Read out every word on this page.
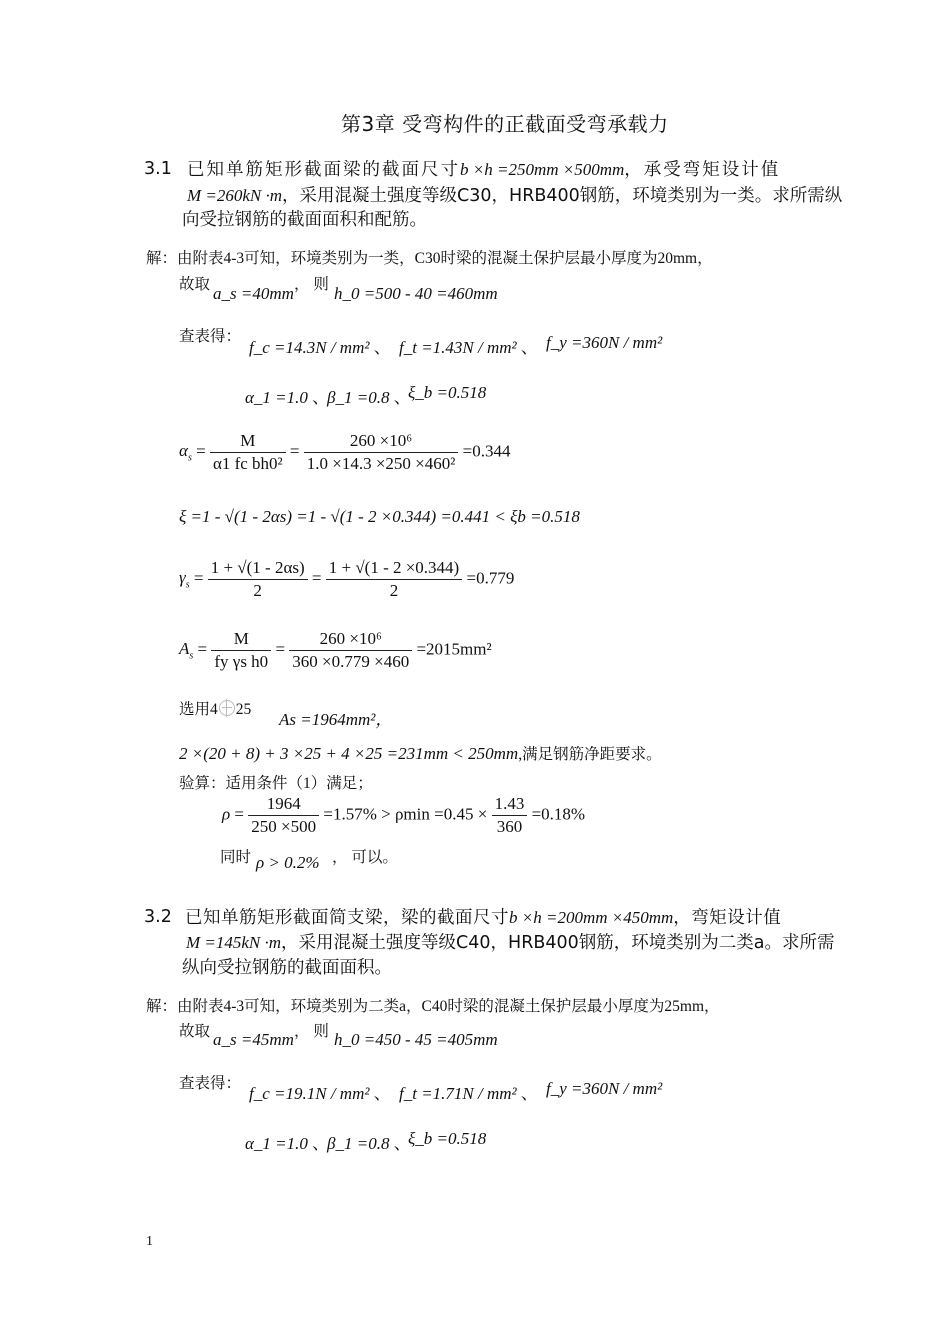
第3章 受弯构件的正截面受弯承载力
3.1 已知单筋矩形截面梁的截面尺寸b ×h =250mm ×500mm，承受弯矩设计值
M =260kN ·m，采用混凝土强度等级C30，HRB400钢筋，环境类别为一类。求所需纵
向受拉钢筋的截面面积和配筋。
解：由附表4-3可知，环境类别为一类，C30时梁的混凝土保护层最小厚度为20mm，
故取 a_s =40mm ， 则 h_0 =500 - 40 =460mm
查表得：
f_c =14.3N / mm² 、 f_t =1.43N / mm² 、 f_y =360N / mm²
α_1 =1.0 、
β_1 =0.8 、
ξ_b =0.518
$\alpha_s = \frac{M}{\text{α1 fc bh0²}} = \frac{\text{260 ×10⁶}}{\text{1.0 ×14.3 ×250 ×460²}} =0.344$
ξ =1 - √(1 - 2αs) =1 - √(1 - 2 ×0.344) =0.441 < ξb =0.518
$\gamma_s = \frac{1 + √(1 - 2\alpha s)}{2} = \frac{1 + √(1 - 2 \times 0.344)}{2} =0.779$
$A_s = \frac{M}{\text{fy γs h0}} = \frac{\text{260 ×10⁶}}{360 \times 0.779 \times 460} =2015mm^2$
选用4 25
As =1964mm²，
2 ×(20 + 8) + 3 ×25 + 4 ×25 =231mm < 250mm,满足钢筋净距要求。
验算：适用条件（1）满足；
$\rho = \frac{1964}{250 \times 500} =1.57\% > \rho\min =0.45 \times \frac{1.43}{360} =0.18\%$
同时 ρ > 0.2% ， 可以。
3.2 已知单筋矩形截面简支梁，梁的截面尺寸b ×h =200mm ×450mm，弯矩设计值
M =145kN ·m，采用混凝土强度等级C40，HRB400钢筋，环境类别为二类a。求所需
纵向受拉钢筋的截面面积。
解：由附表4-3可知，环境类别为二类a，C40时梁的混凝土保护层最小厚度为25mm，
故取 a_s =45mm ， 则 h_0 =450 - 45 =405mm
查表得：
f_c =19.1N / mm² 、 f_t =1.71N / mm² 、 f_y =360N / mm²
α_1 =1.0 、
β_1 =0.8 、
ξ_b =0.518
1
